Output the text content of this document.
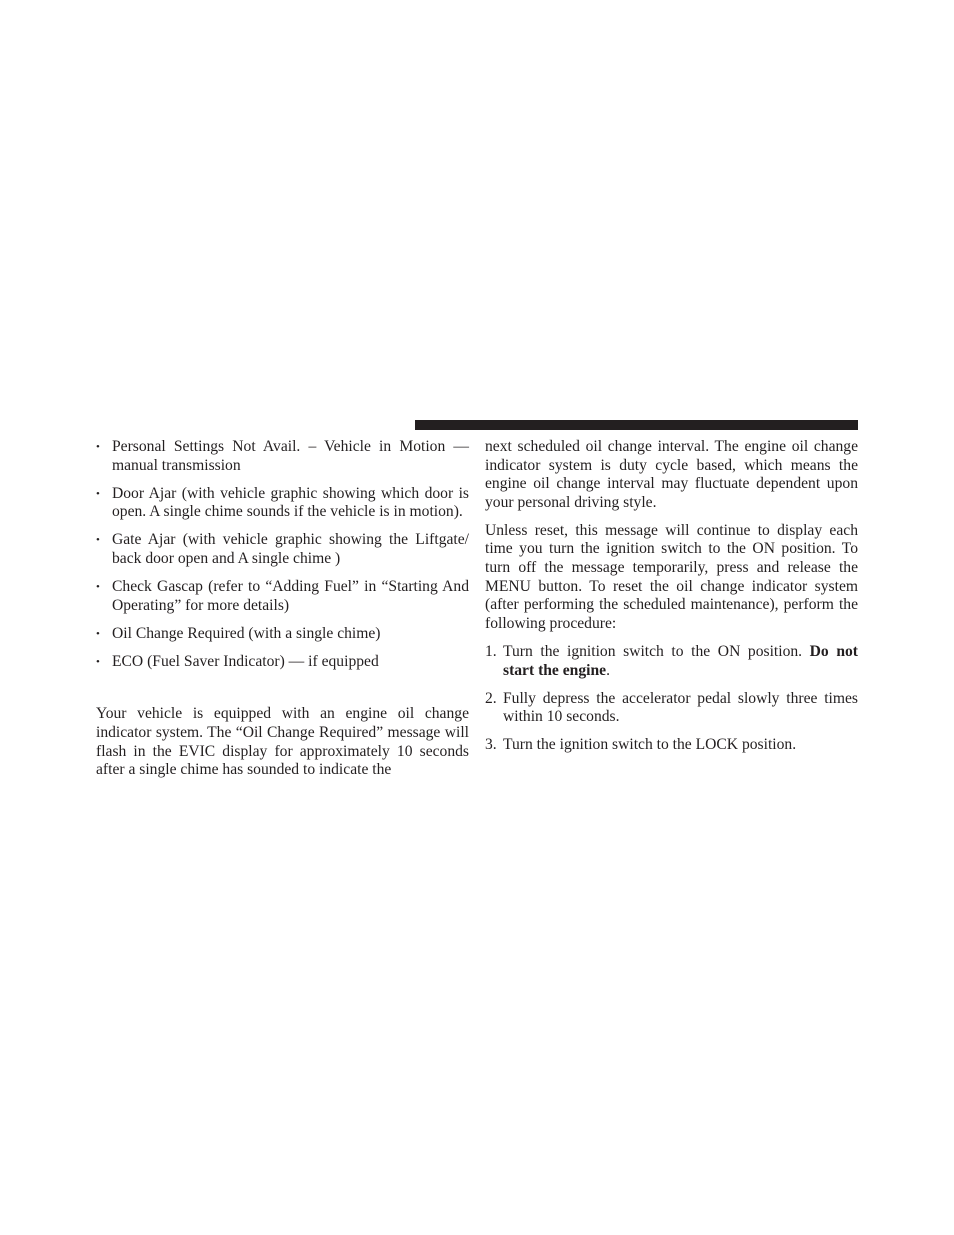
• Personal Settings Not Avail. – Vehicle in Motion — manual transmission
• Door Ajar (with vehicle graphic showing which door is open. A single chime sounds if the vehicle is in motion).
• Gate Ajar (with vehicle graphic showing the Liftgate/ back door open and A single chime )
• Check Gascap (refer to “Adding Fuel” in “Starting And Operating” for more details)
• Oil Change Required (with a single chime)
• ECO (Fuel Saver Indicator) — if equipped

Your vehicle is equipped with an engine oil change indicator system. The “Oil Change Required” message will flash in the EVIC display for approximately 10 seconds after a single chime has sounded to indicate the

next scheduled oil change interval. The engine oil change indicator system is duty cycle based, which means the engine oil change interval may fluctuate dependent upon your personal driving style.

Unless reset, this message will continue to display each time you turn the ignition switch to the ON position. To turn off the message temporarily, press and release the MENU button. To reset the oil change indicator system (after performing the scheduled maintenance), perform the following procedure:

1. Turn the ignition switch to the ON position. Do not start the engine.
2. Fully depress the accelerator pedal slowly three times within 10 seconds.
3. Turn the ignition switch to the LOCK position.
